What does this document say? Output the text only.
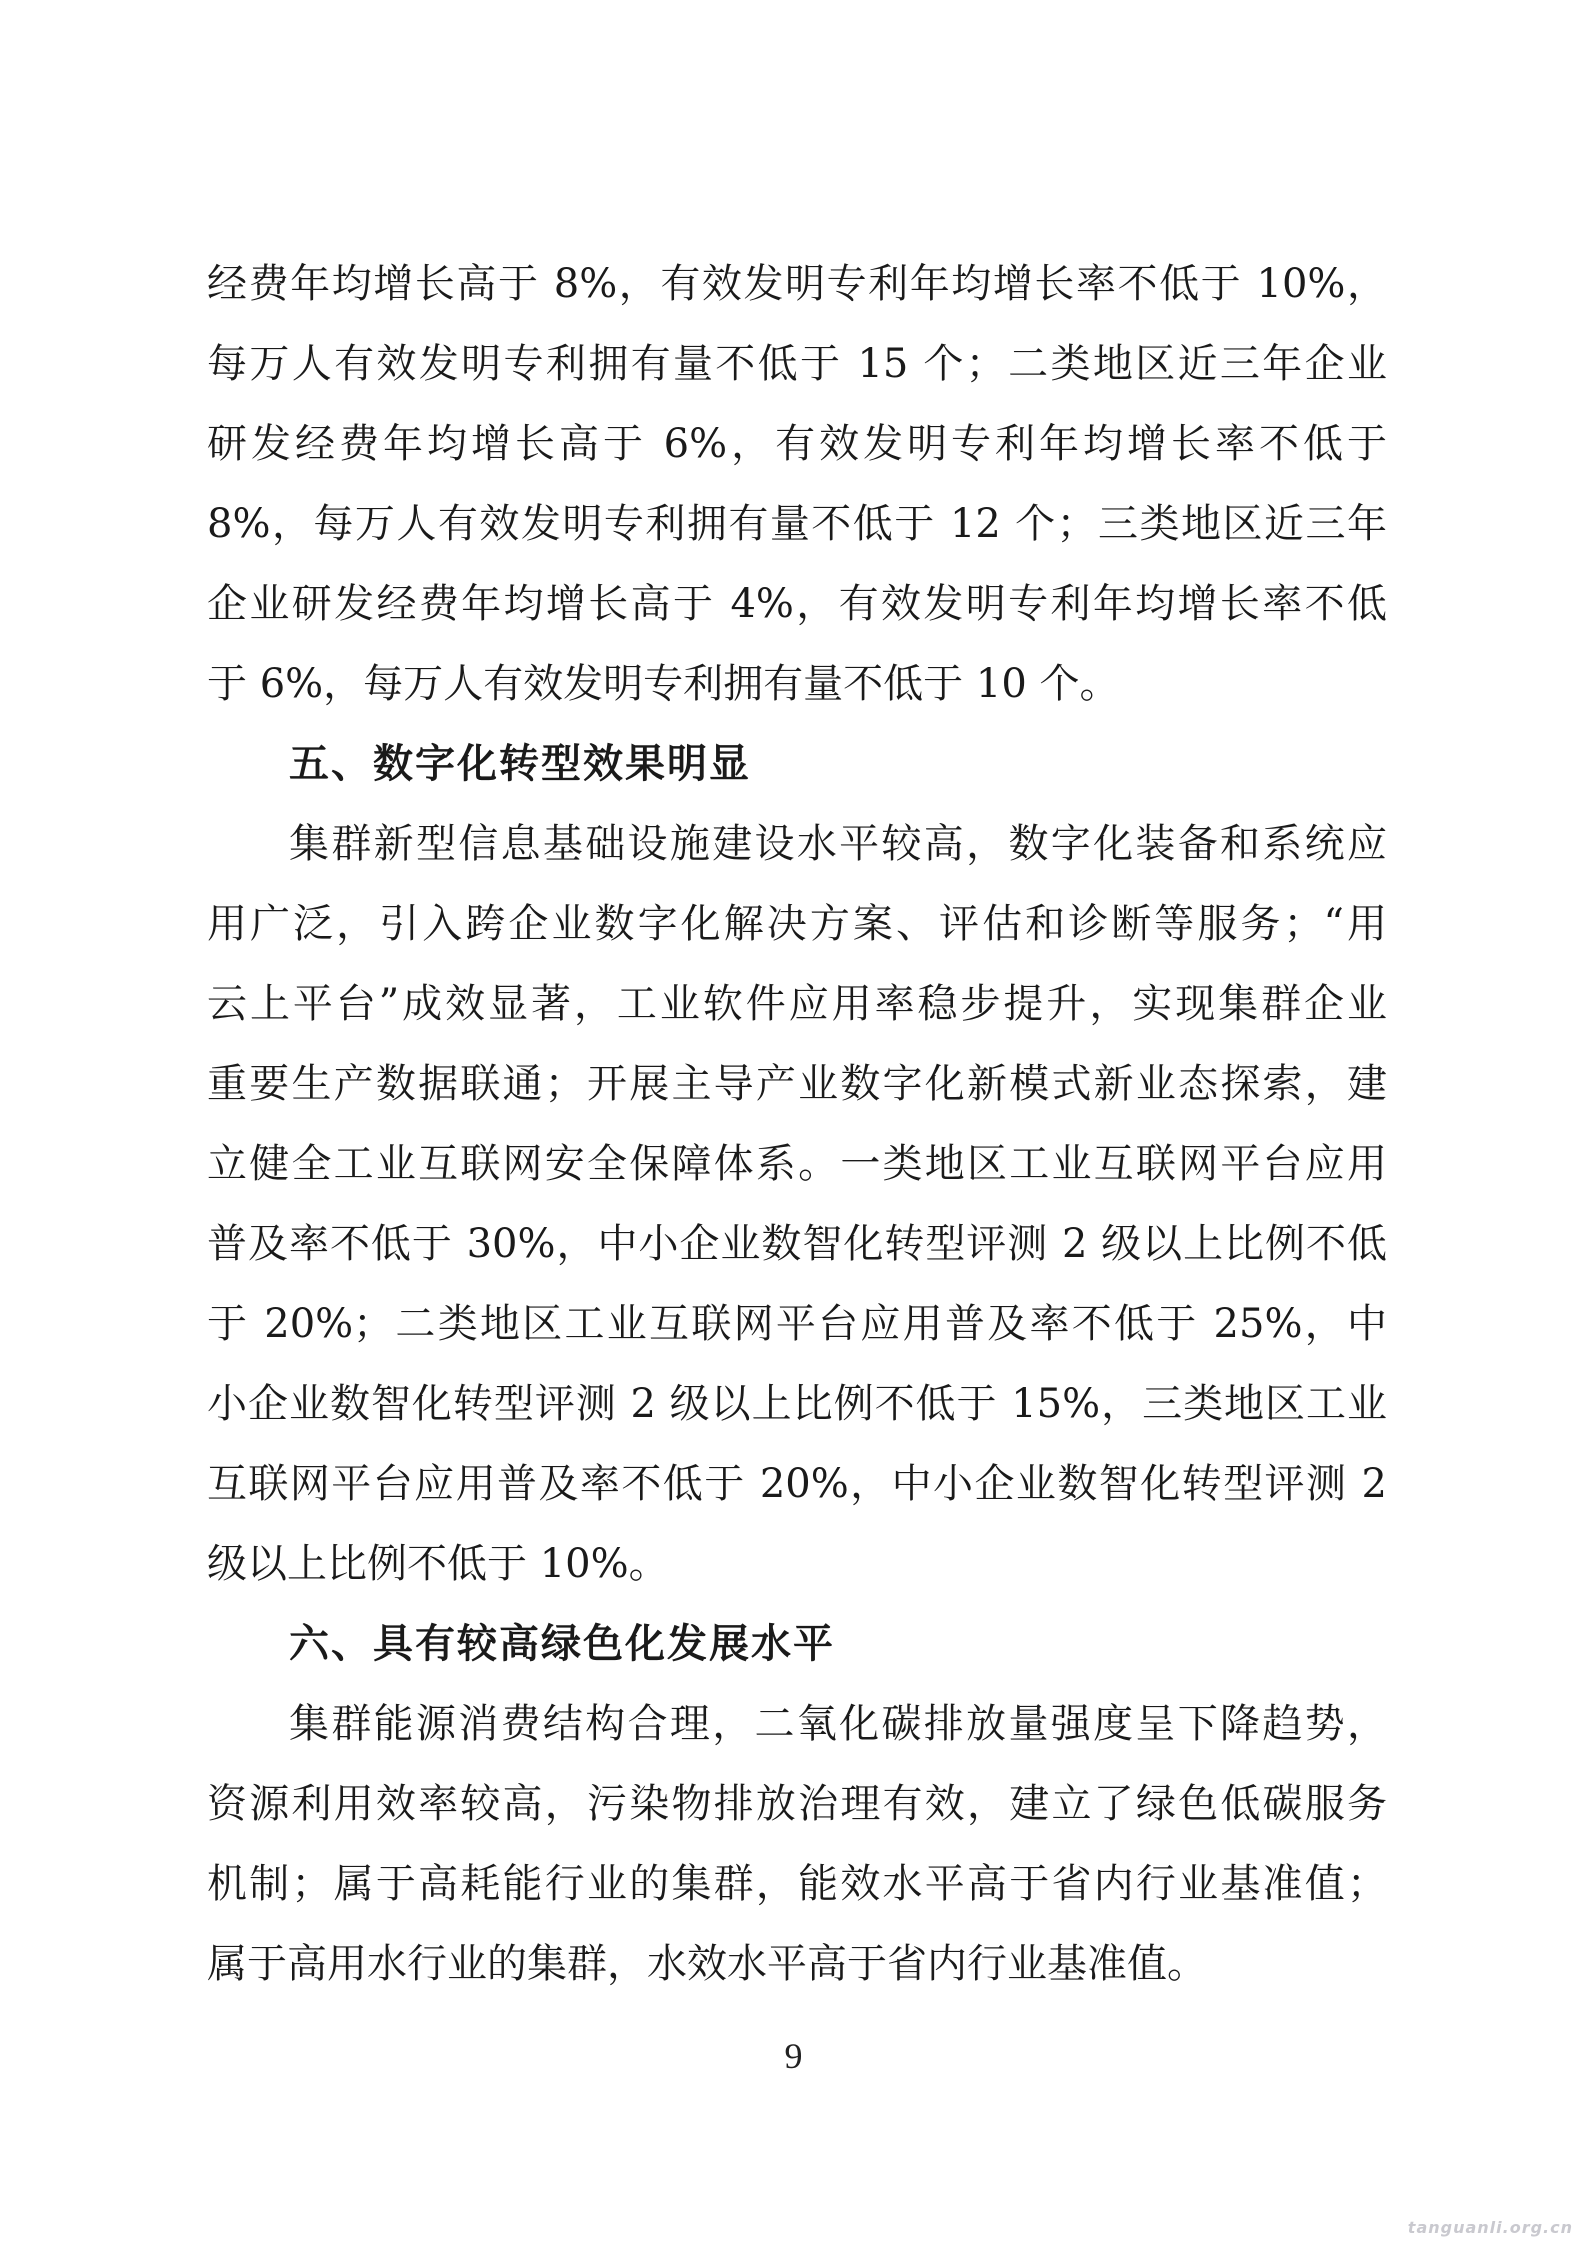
经费年均增长高于 8%，有效发明专利年均增长率不低于 10%，

每万人有效发明专利拥有量不低于 15 个；二类地区近三年企业

研发经费年均增长高于 6%，有效发明专利年均增长率不低于

8%，每万人有效发明专利拥有量不低于 12 个；三类地区近三年

企业研发经费年均增长高于 4%，有效发明专利年均增长率不低

于 6%，每万人有效发明专利拥有量不低于 10 个。

五、数字化转型效果明显

集群新型信息基础设施建设水平较高，数字化装备和系统应

用广泛，引入跨企业数字化解决方案、评估和诊断等服务；“用

云上平台”成效显著，工业软件应用率稳步提升，实现集群企业

重要生产数据联通；开展主导产业数字化新模式新业态探索，建

立健全工业互联网安全保障体系。一类地区工业互联网平台应用

普及率不低于 30%，中小企业数智化转型评测 2 级以上比例不低

于 20%；二类地区工业互联网平台应用普及率不低于 25%，中

小企业数智化转型评测 2 级以上比例不低于 15%，三类地区工业

互联网平台应用普及率不低于 20%，中小企业数智化转型评测 2

级以上比例不低于 10%。

六、具有较高绿色化发展水平

集群能源消费结构合理，二氧化碳排放量强度呈下降趋势，

资源利用效率较高，污染物排放治理有效，建立了绿色低碳服务

机制；属于高耗能行业的集群，能效水平高于省内行业基准值；

属于高用水行业的集群，水效水平高于省内行业基准值。

9
tanguanli.org.cn
